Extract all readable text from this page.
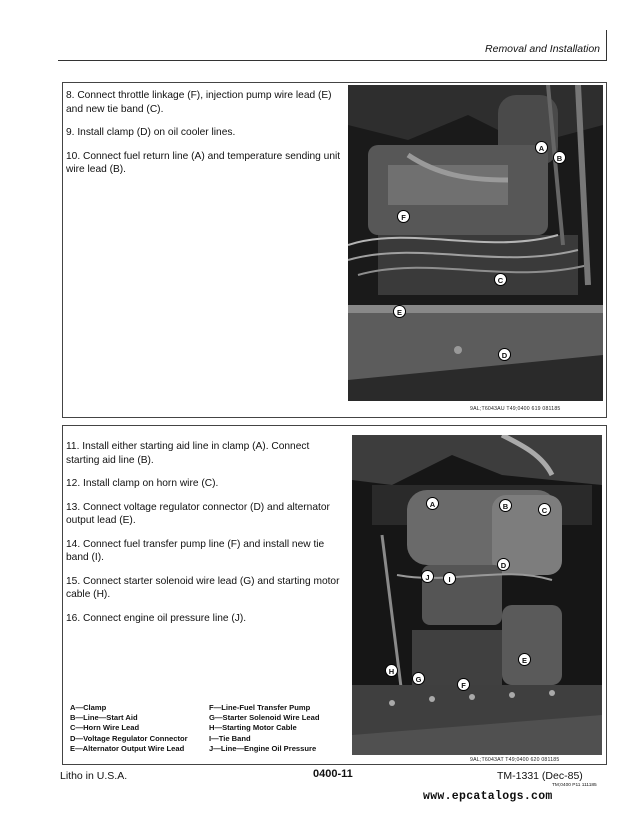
Removal and Installation

8. Connect throttle linkage (F), injection pump wire lead (E) and new tie band (C).

9. Install clamp (D) on oil cooler lines.

10. Connect fuel return line (A) and temperature sending unit wire lead (B).

A
B
F
C
E
D
9AL;T6043AU T49;0400 619 081185

11. Install either starting aid line in clamp (A). Connect starting aid line (B).

12. Install clamp on horn wire (C).

13. Connect voltage regulator connector (D) and alternator output lead (E).

14. Connect fuel transfer pump line (F) and install new tie band (I).

15. Connect starter solenoid wire lead (G) and starting motor cable (H).

16. Connect engine oil pressure line (J).

A—Clamp
B—Line—Start Aid
C—Horn Wire Lead
D—Voltage Regulator Connector
E—Alternator Output Wire Lead
F—Line-Fuel Transfer Pump
G—Starter Solenoid Wire Lead
H—Starting Motor Cable
I—Tie Band
J—Line—Engine Oil Pressure
A	B	C
D
J	I
E
H
G
F
9AL;T6043AT T49;0400 620 081185
Litho in U.S.A.	0400-11	TM-1331 (Dec-85)
TM;0400 P11 111185
www.epcatalogs.com
